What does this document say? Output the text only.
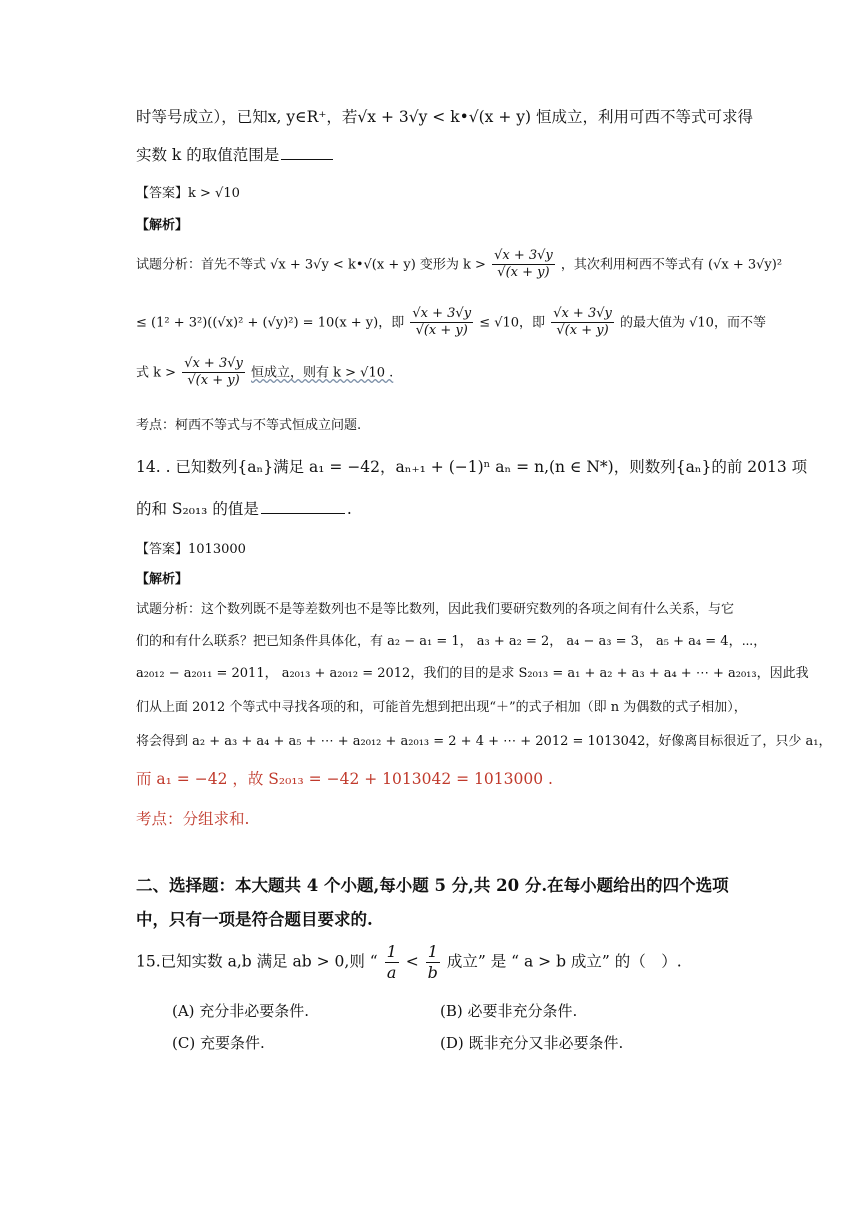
时等号成立），已知x, y∈R⁺，若√x + 3√y < k•√(x + y) 恒成立，利用可西不等式可求得
实数 k 的取值范围是
【答案】k > √10
【解析】
试题分析：首先不等式 √x + 3√y < k•√(x + y) 变形为 $k > \frac{√x + 3√y}{√(x + y)}$ ，其次利用柯西不等式有 (√x + 3√y)²
≤ (1² + 3²)((√x)² + (√y)²) = 10(x + y)，即 $\frac{√x + 3√y}{√(x + y)} \le √10$，即 $\frac{√x + 3√y}{√(x + y)}$ 的最大值为 √10，而不等
式 $k > \frac{√x + 3√y}{√(x + y)}$ 恒成立，则有 k > √10 .
考点：柯西不等式与不等式恒成立问题.
14. . 已知数列{aₙ}满足 a₁ = −42，aₙ₊₁ + (−1)ⁿ aₙ = n,(n ∈ N*)，则数列{aₙ}的前 2013 项
的和 S₂₀₁₃ 的值是	.
【答案】1013000
【解析】
试题分析：这个数列既不是等差数列也不是等比数列，因此我们要研究数列的各项之间有什么关系，与它
们的和有什么联系？把已知条件具体化，有 a₂ − a₁ = 1， a₃ + a₂ = 2， a₄ − a₃ = 3， a₅ + a₄ = 4，⋯，
a₂₀₁₂ − a₂₀₁₁ = 2011， a₂₀₁₃ + a₂₀₁₂ = 2012，我们的目的是求 S₂₀₁₃ = a₁ + a₂ + a₃ + a₄ + ⋯ + a₂₀₁₃，因此我
们从上面 2012 个等式中寻找各项的和，可能首先想到把出现“＋”的式子相加（即 n 为偶数的式子相加），
将会得到 a₂ + a₃ + a₄ + a₅ + ⋯ + a₂₀₁₂ + a₂₀₁₃ = 2 + 4 + ⋯ + 2012 = 1013042，好像离目标很近了，只少 a₁，
而 a₁ = −42 ，故 S₂₀₁₃ = −42 + 1013042 = 1013000 .
考点：分组求和.
二、选择题：本大题共 4 个小题,每小题 5 分,共 20 分.在每小题给出的四个选项
中，只有一项是符合题目要求的.
15.已知实数 a,b 满足 ab > 0,则 “ $\frac{1}{a} < \frac{1}{b}$ 成立” 是 “ a > b 成立” 的（　）.
(A) 充分非必要条件.	(B) 必要非充分条件.
(C) 充要条件.	(D) 既非充分又非必要条件.
